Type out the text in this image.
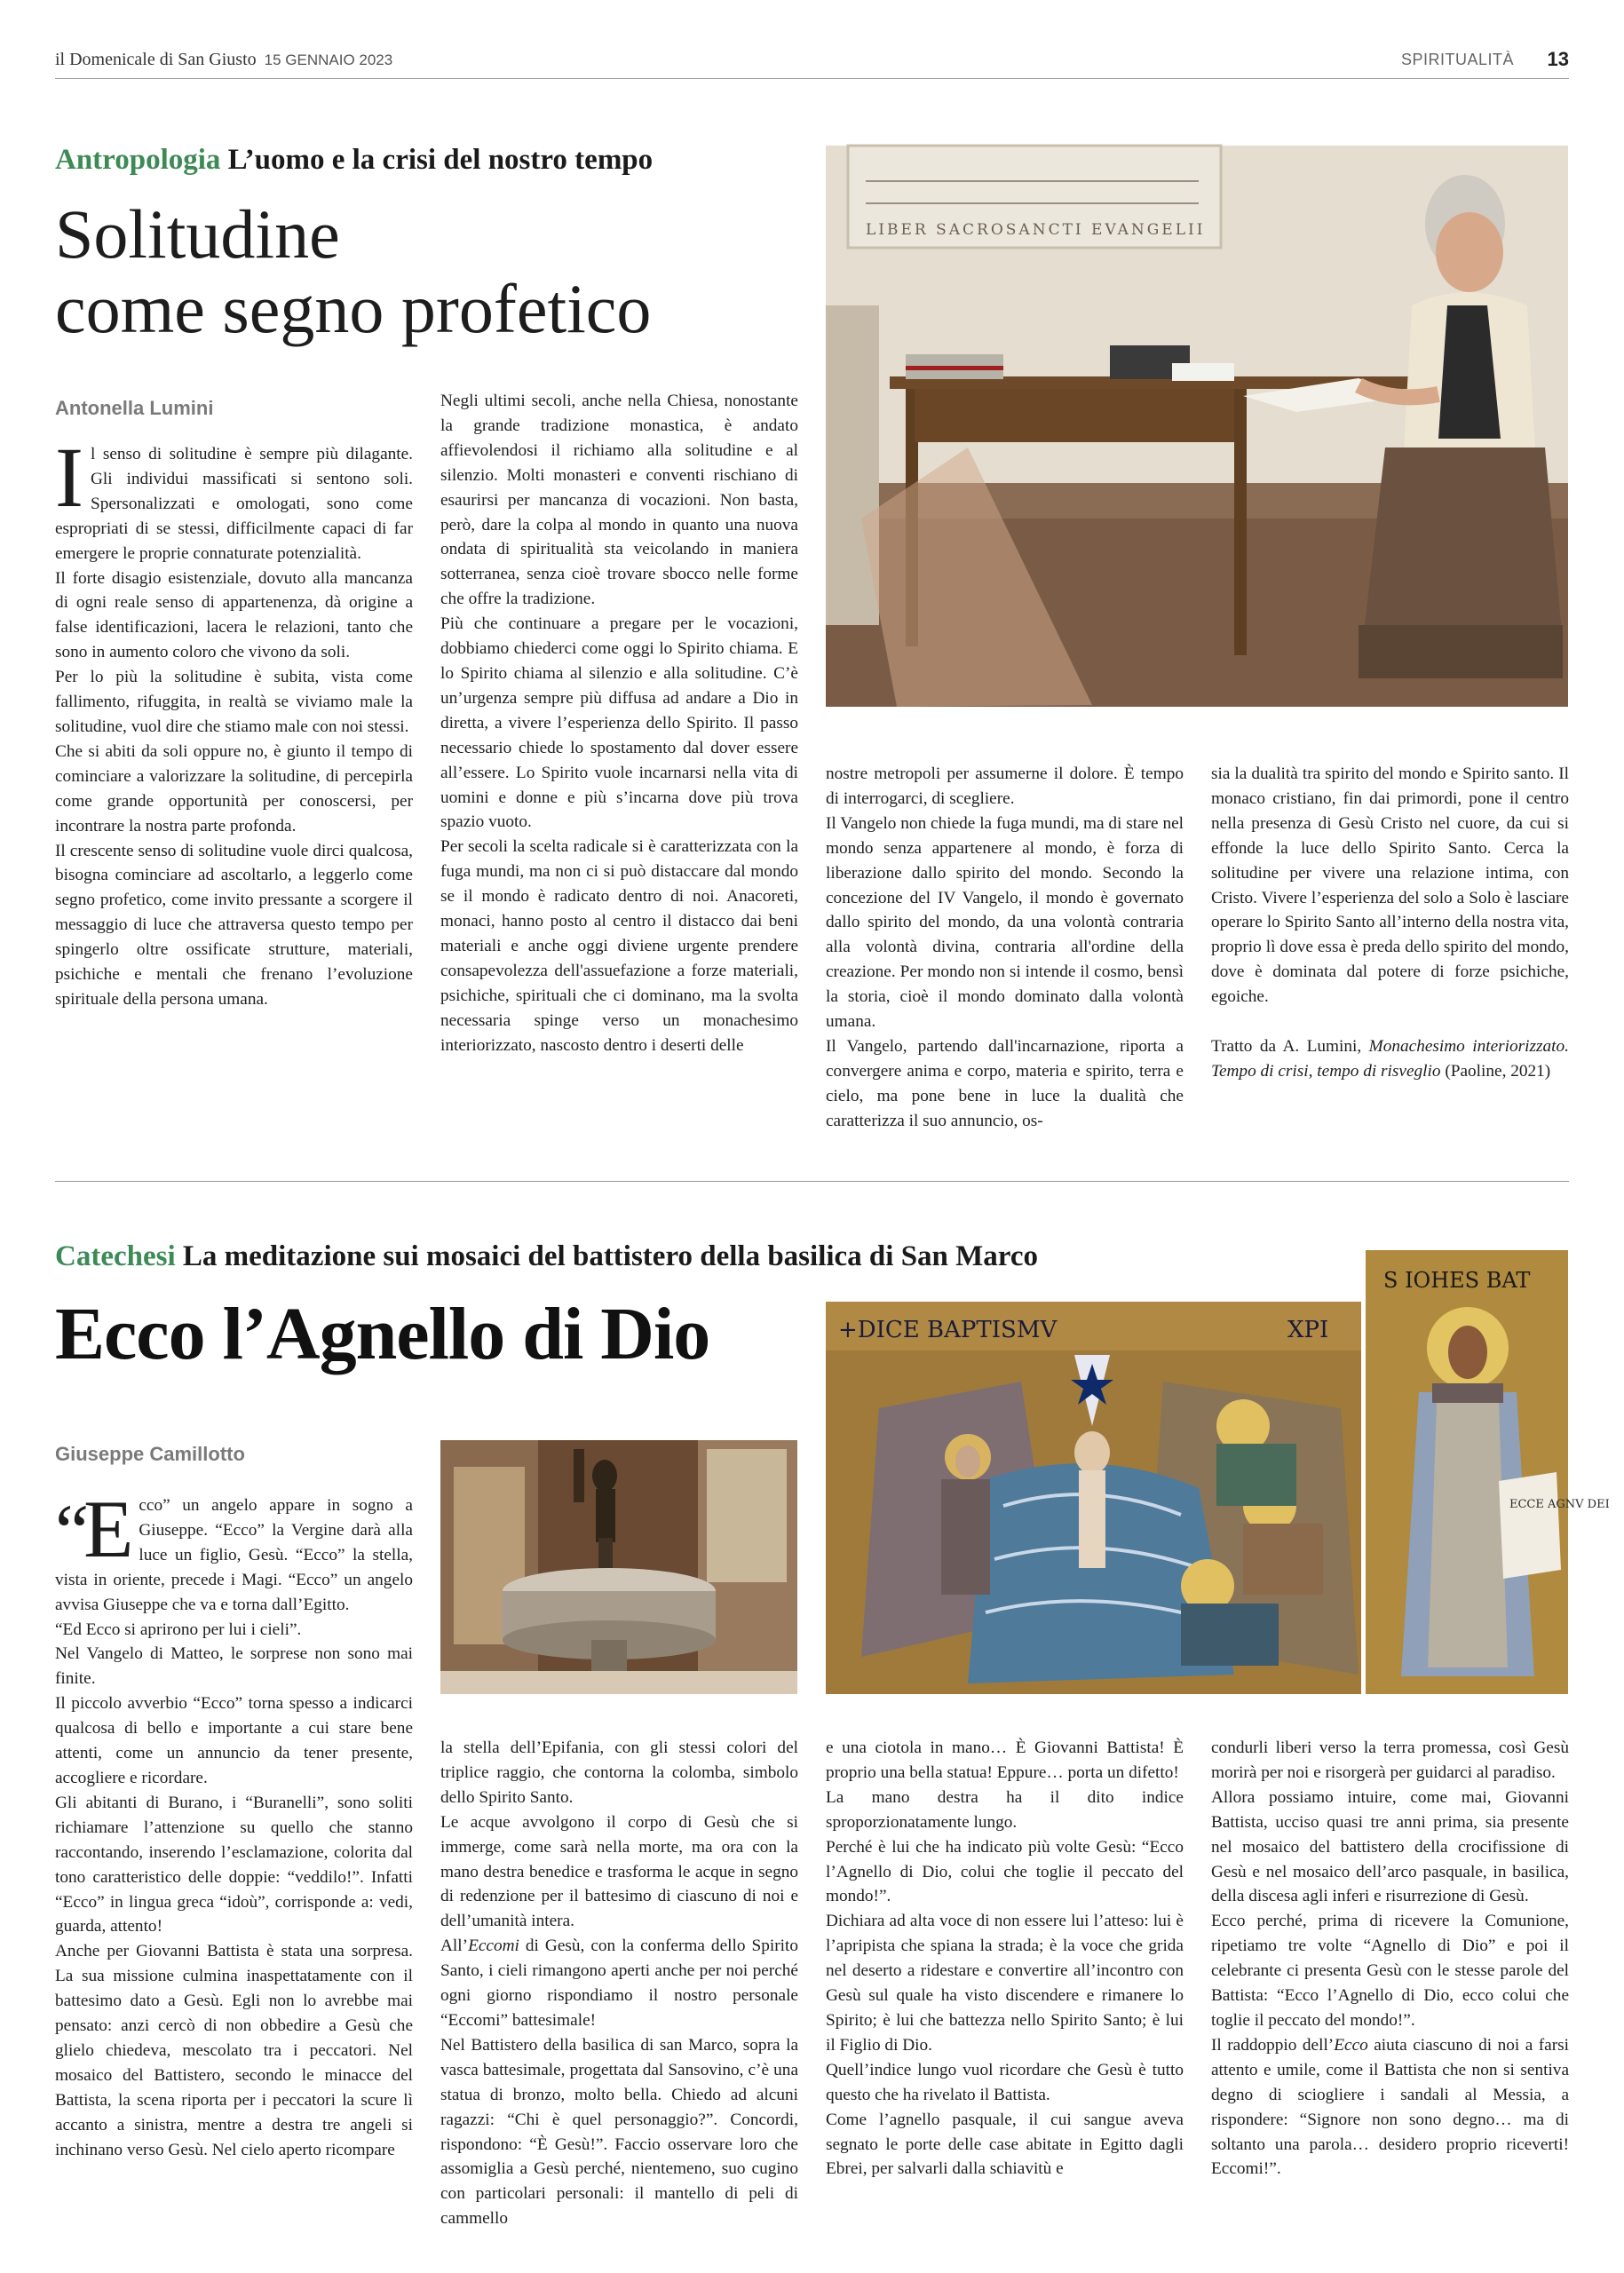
il Domenicale di San Giusto 15 GENNAIO 2023	SPIRITUALITÀ 13
Antropologia L’uomo e la crisi del nostro tempo
Solitudine
come segno profetico
LIBER SACROSANCTI EVANGELII
Antonella Lumini

Il senso di solitudine è sempre più dilagante. Gli individui massificati si sentono soli. Spersonalizzati e omologati, sono come espropriati di se stessi, difficilmente capaci di far emergere le proprie connaturate potenzialità.

Il forte disagio esistenziale, dovuto alla mancanza di ogni reale senso di appartenenza, dà origine a false identificazioni, lacera le relazioni, tanto che sono in aumento coloro che vivono da soli.

Per lo più la solitudine è subita, vista come fallimento, rifuggita, in realtà se viviamo male la solitudine, vuol dire che stiamo male con noi stessi.

Che si abiti da soli oppure no, è giunto il tempo di cominciare a valorizzare la solitudine, di percepirla come grande opportunità per conoscersi, per incontrare la nostra parte profonda.

Il crescente senso di solitudine vuole dirci qualcosa, bisogna cominciare ad ascoltarlo, a leggerlo come segno profetico, come invito pressante a scorgere il messaggio di luce che attraversa questo tempo per spingerlo oltre ossificate strutture, materiali, psichiche e mentali che frenano l’evoluzione spirituale della persona umana.

Negli ultimi secoli, anche nella Chiesa, nonostante la grande tradizione monastica, è andato affievolendosi il richiamo alla solitudine e al silenzio. Molti monasteri e conventi rischiano di esaurirsi per mancanza di vocazioni. Non basta, però, dare la colpa al mondo in quanto una nuova ondata di spiritualità sta veicolando in maniera sotterranea, senza cioè trovare sbocco nelle forme che offre la tradizione.

Più che continuare a pregare per le vocazioni, dobbiamo chiederci come oggi lo Spirito chiama. E lo Spirito chiama al silenzio e alla solitudine. C’è un’urgenza sempre più diffusa ad andare a Dio in diretta, a vivere l’esperienza dello Spirito. Il passo necessario chiede lo spostamento dal dover essere all’essere. Lo Spirito vuole incarnarsi nella vita di uomini e donne e più s’incarna dove più trova spazio vuoto.

Per secoli la scelta radicale si è caratterizzata con la fuga mundi, ma non ci si può distaccare dal mondo se il mondo è radicato dentro di noi. Anacoreti, monaci, hanno posto al centro il distacco dai beni materiali e anche oggi diviene urgente prendere consapevolezza dell'assuefazione a forze materiali, psichiche, spirituali che ci dominano, ma la svolta necessaria spinge verso un monachesimo interiorizzato, nascosto dentro i deserti delle

nostre metropoli per assumerne il dolore. È tempo di interrogarci, di scegliere.

Il Vangelo non chiede la fuga mundi, ma di stare nel mondo senza appartenere al mondo, è forza di liberazione dallo spirito del mondo. Secondo la concezione del IV Vangelo, il mondo è governato dallo spirito del mondo, da una volontà contraria alla volontà divina, contraria all'ordine della creazione. Per mondo non si intende il cosmo, bensì la storia, cioè il mondo dominato dalla volontà umana.

Il Vangelo, partendo dall'incarnazione, riporta a convergere anima e corpo, materia e spirito, terra e cielo, ma pone bene in luce la dualità che caratterizza il suo annuncio, os-

sia la dualità tra spirito del mondo e Spirito santo. Il monaco cristiano, fin dai primordi, pone il centro nella presenza di Gesù Cristo nel cuore, da cui si effonde la luce dello Spirito Santo. Cerca la solitudine per vivere una relazione intima, con Cristo. Vivere l’esperienza del solo a Solo è lasciare operare lo Spirito Santo all’interno della nostra vita, proprio lì dove essa è preda dello spirito del mondo, dove è dominata dal potere di forze psichiche, egoiche.

Tratto da A. Lumini, Monachesimo interiorizzato. Tempo di crisi, tempo di risveglio (Paoline, 2021)

Catechesi La meditazione sui mosaici del battistero della basilica di San Marco
Ecco l’Agnello di Dio
Giuseppe Camillotto
+DICE BAPTISMV	XPI
S IOHES BAT
ECCE AGNV DEI

“E cco” un angelo appare in sogno a Giuseppe. “Ecco” la Vergine darà alla luce un figlio, Gesù. “Ecco” la stella, vista in oriente, precede i Magi. “Ecco” un angelo avvisa Giuseppe che va e torna dall’Egitto.

“Ed Ecco si aprirono per lui i cieli”.

Nel Vangelo di Matteo, le sorprese non sono mai finite.

Il piccolo avverbio “Ecco” torna spesso a indicarci qualcosa di bello e importante a cui stare bene attenti, come un annuncio da tener presente, accogliere e ricordare.

Gli abitanti di Burano, i “Buranelli”, sono soliti richiamare l’attenzione su quello che stanno raccontando, inserendo l’esclamazione, colorita dal tono caratteristico delle doppie: “veddilo!”. Infatti “Ecco” in lingua greca “idoù”, corrisponde a: vedi, guarda, attento!

Anche per Giovanni Battista è stata una sorpresa. La sua missione culmina inaspettatamente con il battesimo dato a Gesù. Egli non lo avrebbe mai pensato: anzi cercò di non obbedire a Gesù che glielo chiedeva, mescolato tra i peccatori. Nel mosaico del Battistero, secondo le minacce del Battista, la scena riporta per i peccatori la scure lì accanto a sinistra, mentre a destra tre angeli si inchinano verso Gesù. Nel cielo aperto ricompare

la stella dell’Epifania, con gli stessi colori del triplice raggio, che contorna la colomba, simbolo dello Spirito Santo.

Le acque avvolgono il corpo di Gesù che si immerge, come sarà nella morte, ma ora con la mano destra benedice e trasforma le acque in segno di redenzione per il battesimo di ciascuno di noi e dell’umanità intera.

All’Eccomi di Gesù, con la conferma dello Spirito Santo, i cieli rimangono aperti anche per noi perché ogni giorno rispondiamo il nostro personale “Eccomi” battesimale!

Nel Battistero della basilica di san Marco, sopra la vasca battesimale, progettata dal Sansovino, c’è una statua di bronzo, molto bella. Chiedo ad alcuni ragazzi: “Chi è quel personaggio?”. Concordi, rispondono: “È Gesù!”. Faccio osservare loro che assomiglia a Gesù perché, nientemeno, suo cugino con particolari personali: il mantello di peli di cammello

e una ciotola in mano… È Giovanni Battista! È proprio una bella statua! Eppure… porta un difetto!

La mano destra ha il dito indice sproporzionatamente lungo.

Perché è lui che ha indicato più volte Gesù: “Ecco l’Agnello di Dio, colui che toglie il peccato del mondo!”.

Dichiara ad alta voce di non essere lui l’atteso: lui è l’apripista che spiana la strada; è la voce che grida nel deserto a ridestare e convertire all’incontro con Gesù sul quale ha visto discendere e rimanere lo Spirito; è lui che battezza nello Spirito Santo; è lui il Figlio di Dio.

Quell’indice lungo vuol ricordare che Gesù è tutto questo che ha rivelato il Battista.

Come l’agnello pasquale, il cui sangue aveva segnato le porte delle case abitate in Egitto dagli Ebrei, per salvarli dalla schiavitù e

condurli liberi verso la terra promessa, così Gesù morirà per noi e risorgerà per guidarci al paradiso.

Allora possiamo intuire, come mai, Giovanni Battista, ucciso quasi tre anni prima, sia presente nel mosaico del battistero della crocifissione di Gesù e nel mosaico dell’arco pasquale, in basilica, della discesa agli inferi e risurrezione di Gesù.

Ecco perché, prima di ricevere la Comunione, ripetiamo tre volte “Agnello di Dio” e poi il celebrante ci presenta Gesù con le stesse parole del Battista: “Ecco l’Agnello di Dio, ecco colui che toglie il peccato del mondo!”.

Il raddoppio dell’Ecco aiuta ciascuno di noi a farsi attento e umile, come il Battista che non si sentiva degno di sciogliere i sandali al Messia, a rispondere: “Signore non sono degno… ma di soltanto una parola… desidero proprio riceverti! Eccomi!”.
